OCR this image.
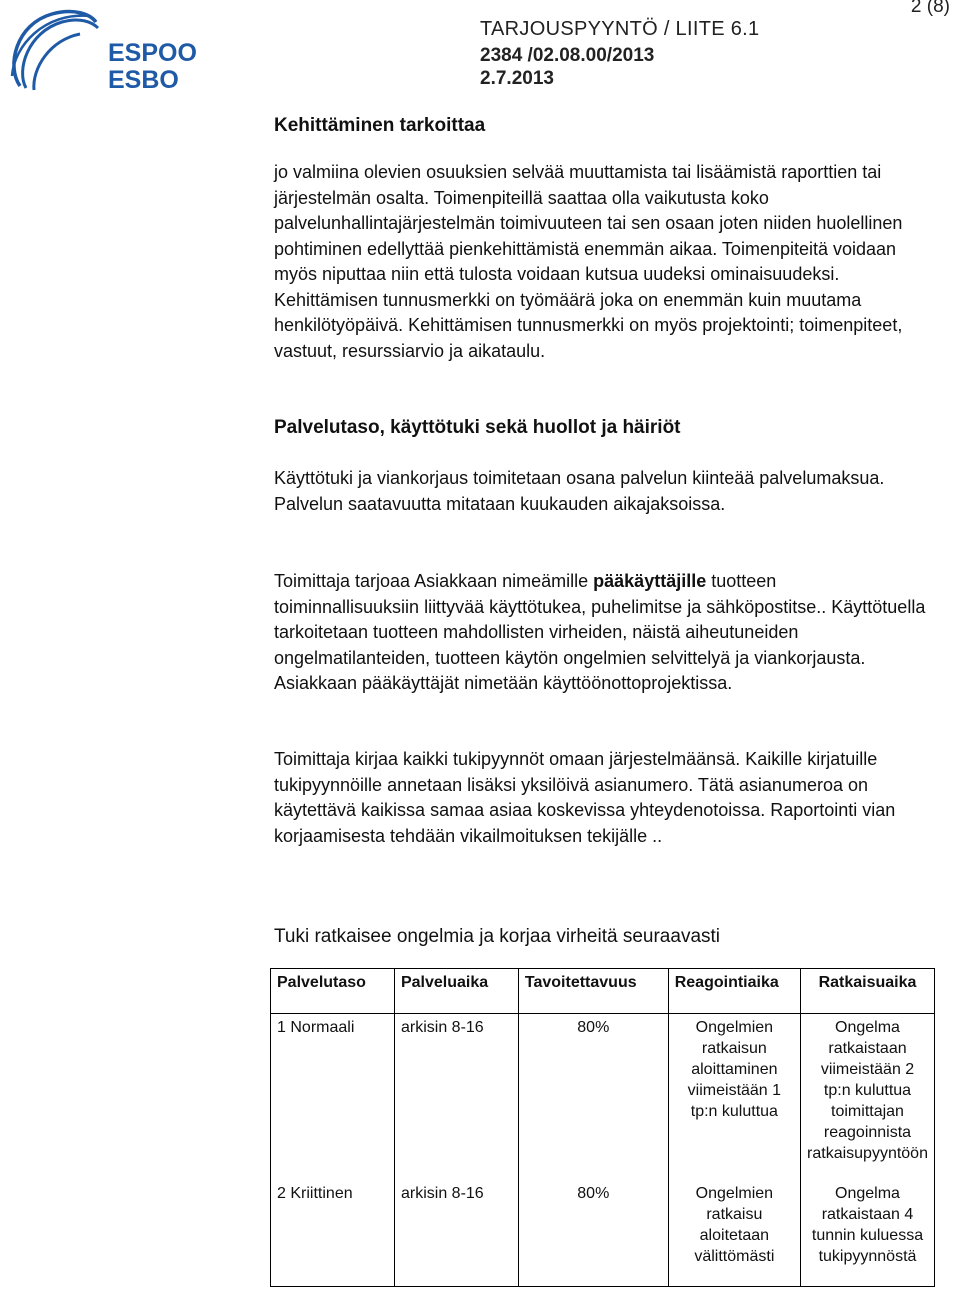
ESPOO
ESBO
TARJOUSPYYNTÖ / LIITE 6.1
2384 /02.08.00/2013
2.7.2013
2 (8)
Kehittäminen tarkoittaa

jo valmiina olevien osuuksien selvää muuttamista tai lisäämistä raporttien tai järjestelmän osalta. Toimenpiteillä saattaa olla vaikutusta koko palvelunhallintajärjestelmän toimivuuteen tai sen osaan joten niiden huolellinen pohtiminen edellyttää pienkehittämistä enemmän aikaa. Toimenpiteitä voidaan myös niputtaa niin että tulosta voidaan kutsua uudeksi ominaisuudeksi. Kehittämisen tunnusmerkki on työmäärä joka on enemmän kuin muutama henkilötyöpäivä. Kehittämisen tunnusmerkki on myös projektointi; toimenpiteet, vastuut, resurssiarvio ja aikataulu.

Palvelutaso, käyttötuki sekä huollot ja häiriöt

Käyttötuki ja viankorjaus toimitetaan osana palvelun kiinteää palvelumaksua. Palvelun saatavuutta mitataan kuukauden aikajaksoissa.

Toimittaja tarjoaa Asiakkaan nimeämille pääkäyttäjille tuotteen toiminnallisuuksiin liittyvää käyttötukea, puhelimitse ja sähköpostitse.. Käyttötuella tarkoitetaan tuotteen mahdollisten virheiden, näistä aiheutuneiden ongelmatilanteiden, tuotteen käytön ongelmien selvittelyä ja viankorjausta. Asiakkaan pääkäyttäjät nimetään käyttöönottoprojektissa.

Toimittaja kirjaa kaikki tukipyynnöt omaan järjestelmäänsä. Kaikille kirjatuille tukipyynnöille annetaan lisäksi yksilöivä asianumero. Tätä asianumeroa on käytettävä kaikissa samaa asiaa koskevissa yhteydenotoissa. Raportointi vian korjaamisesta tehdään vikailmoituksen tekijälle ..

Tuki ratkaisee ongelmia ja korjaa virheitä seuraavasti
Palvelutaso	Palveluaika	Tavoitettavuus	Reagointiaika	Ratkaisuaika
1 Normaali	arkisin 8-16	80%	Ongelmien ratkaisun aloittaminen viimeistään 1 tp:n kuluttua	Ongelma ratkaistaan viimeistään 2 tp:n kuluttua toimittajan reagoinnista ratkaisupyyntöön
2 Kriittinen	arkisin 8-16	80%	Ongelmien ratkaisu aloitetaan välittömästi	Ongelma ratkaistaan 4 tunnin kuluessa tukipyynnöstä
